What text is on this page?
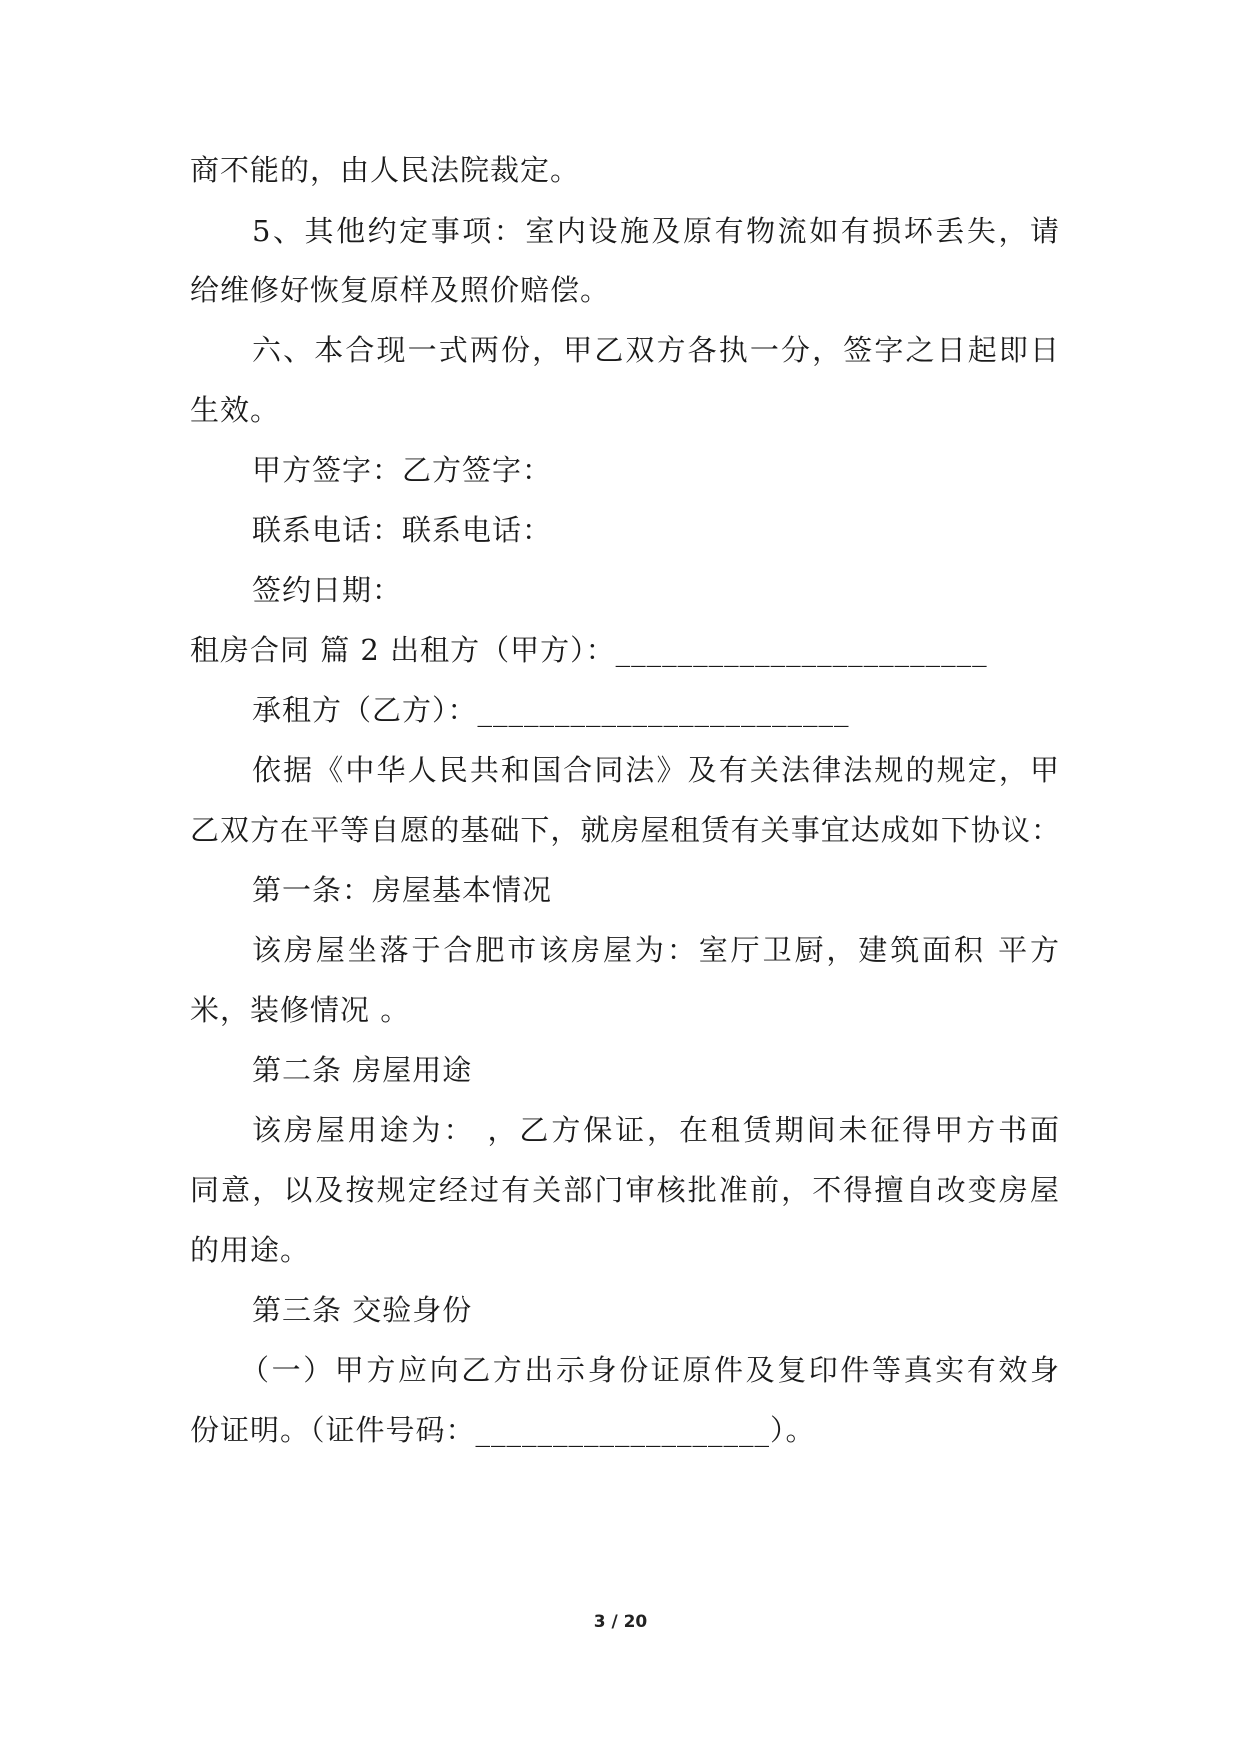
商不能的，由人民法院裁定。
5、其他约定事项：室内设施及原有物流如有损坏丢失，请
给维修好恢复原样及照价赔偿。
六、本合现一式两份，甲乙双方各执一分，签字之日起即日
生效。
甲方签字：乙方签字：
联系电话：联系电话：
签约日期：
租房合同 篇 2 出租方（甲方）：________________________
承租方（乙方）：________________________
依据《中华人民共和国合同法》及有关法律法规的规定，甲
乙双方在平等自愿的基础下，就房屋租赁有关事宜达成如下协议：
第一条：房屋基本情况
该房屋坐落于合肥市该房屋为：室厅卫厨，建筑面积 平方
米，装修情况 。
第二条 房屋用途
该房屋用途为： ，乙方保证，在租赁期间未征得甲方书面
同意，以及按规定经过有关部门审核批准前，不得擅自改变房屋
的用途。
第三条 交验身份
（一）甲方应向乙方出示身份证原件及复印件等真实有效身
份证明。（证件号码：___________________）。
3 / 20
